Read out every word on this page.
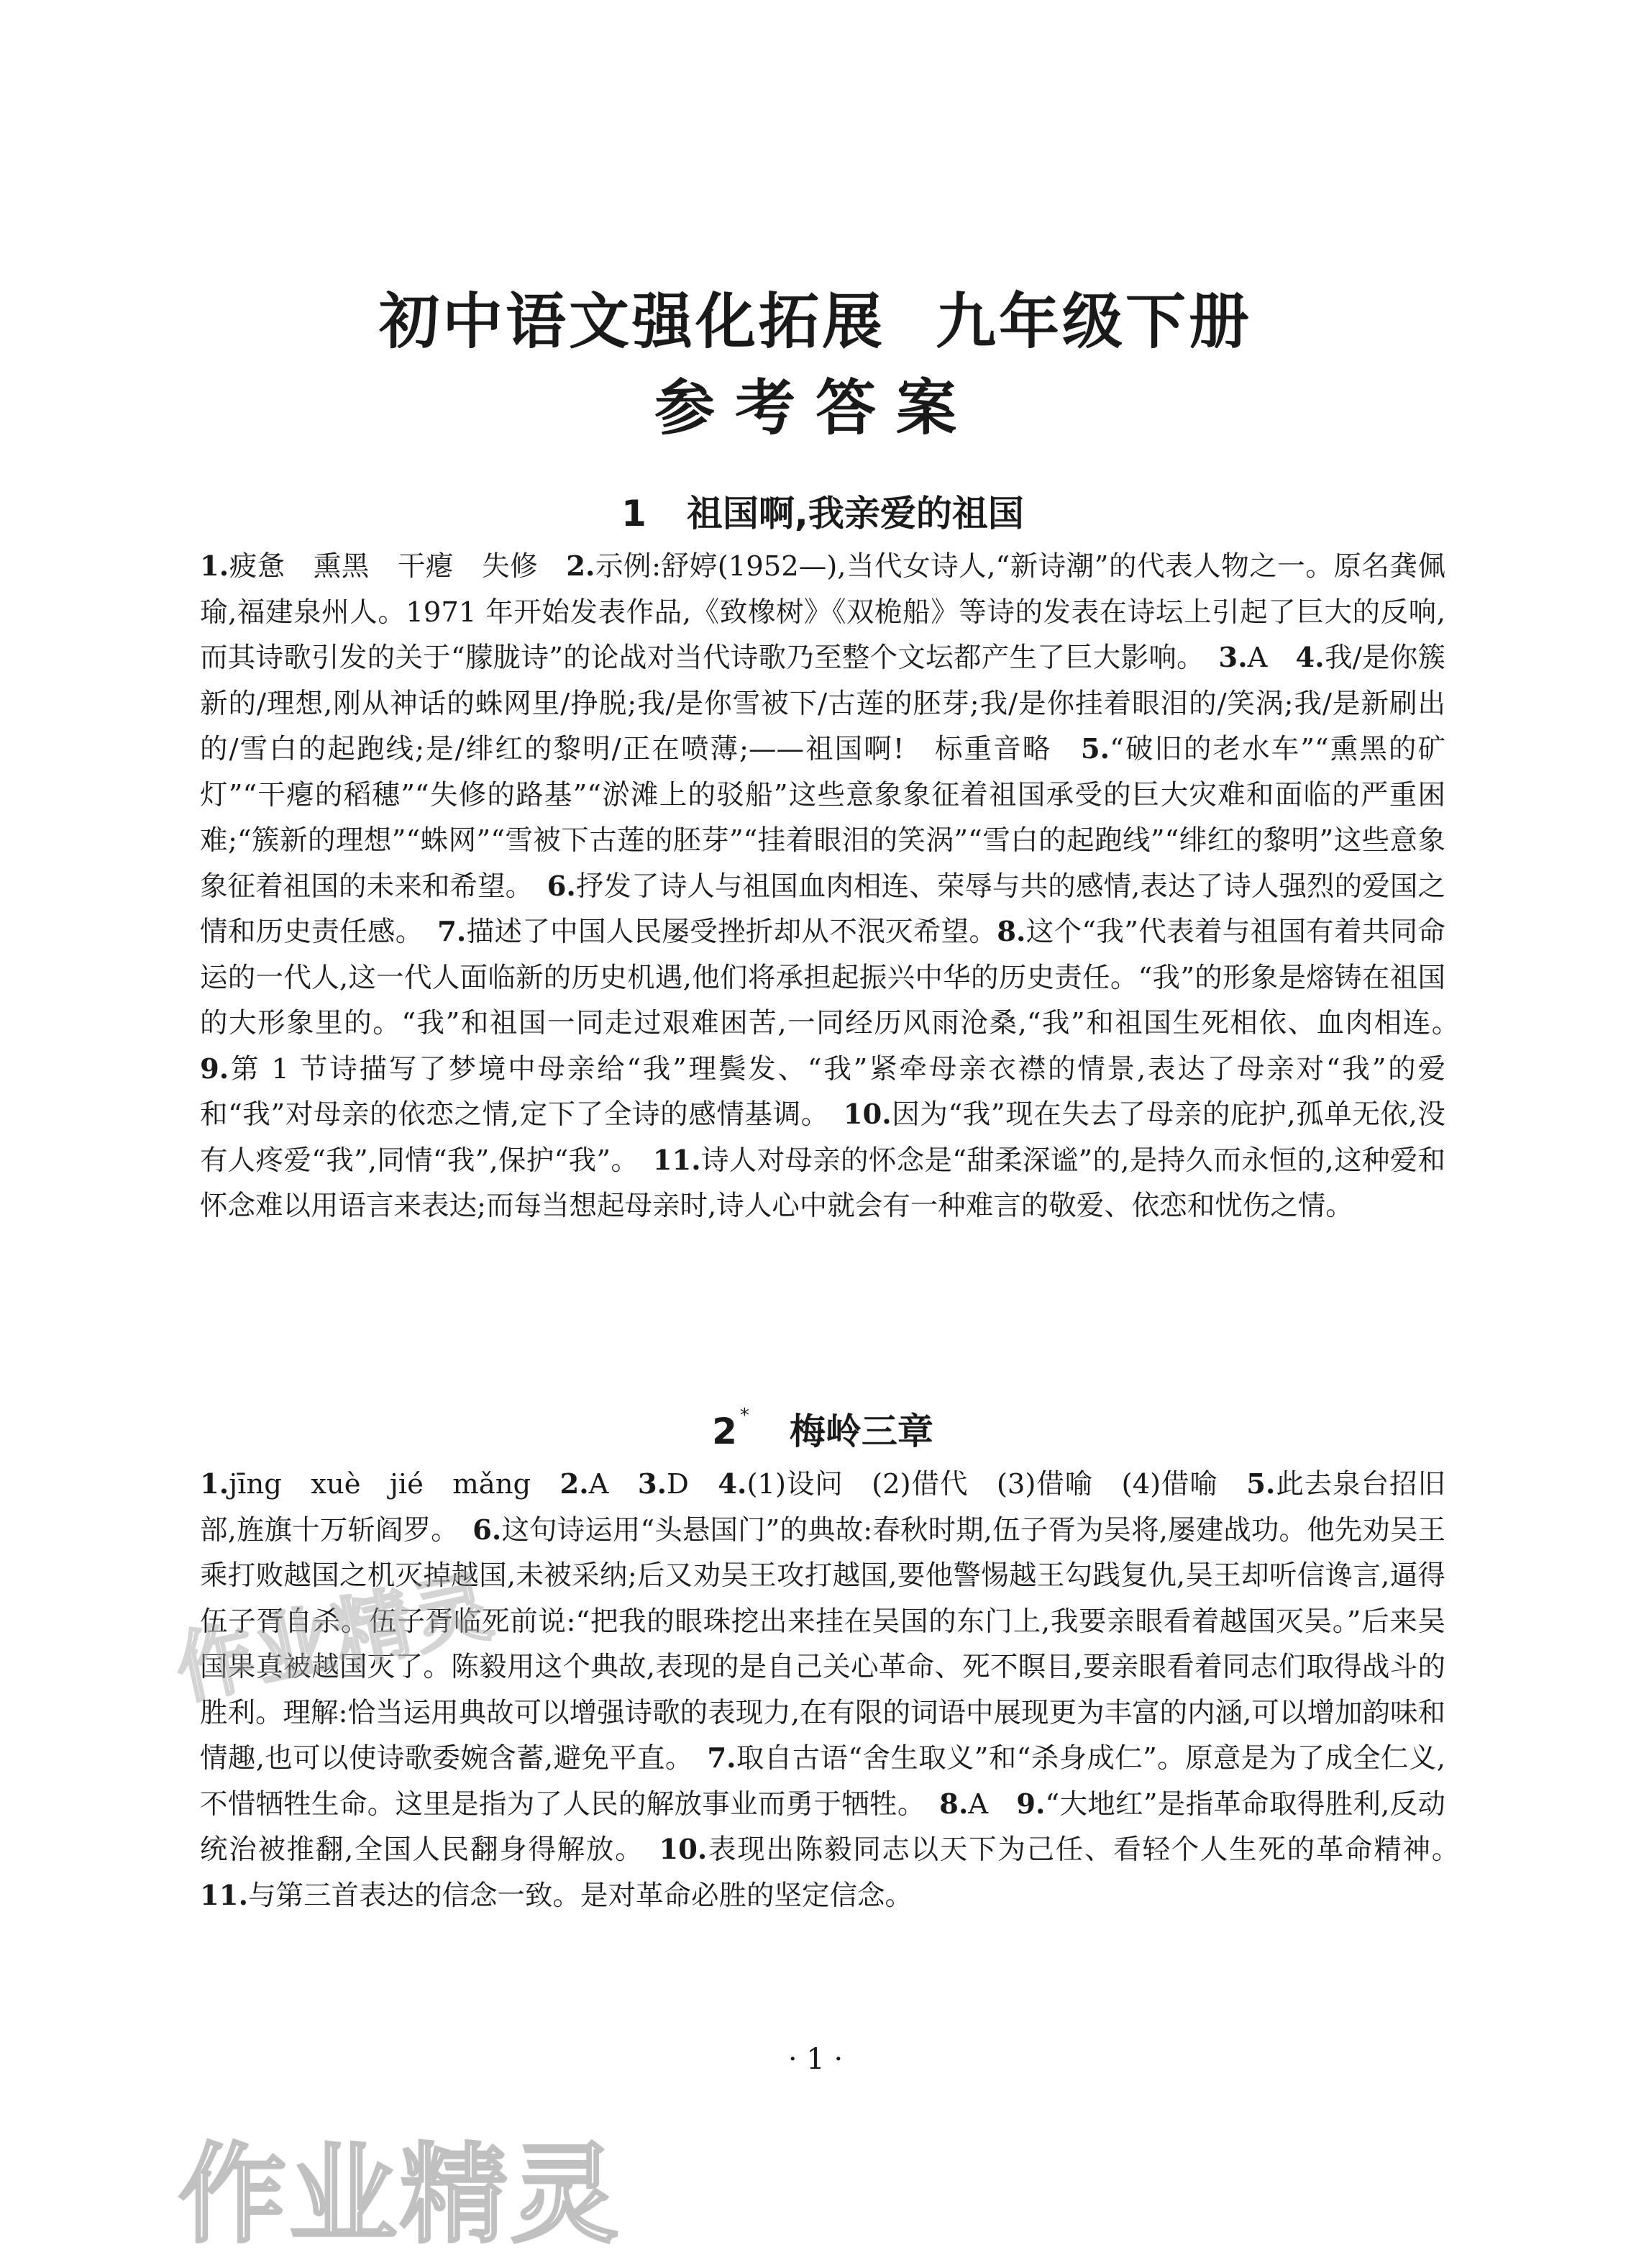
初中语文强化拓展 九年级下册
参考答案
1 祖国啊,我亲爱的祖国

1.疲惫　熏黑　干瘪　失修　2.示例:舒婷(1952—),当代女诗人,“新诗潮”的代表人物之一。原名龚佩瑜,福建泉州人。1971 年开始发表作品,《致橡树》《双桅船》等诗的发表在诗坛上引起了巨大的反响,而其诗歌引发的关于“朦胧诗”的论战对当代诗歌乃至整个文坛都产生了巨大影响。　3.A　4.我/是你簇新的/理想,刚从神话的蛛网里/挣脱;我/是你雪被下/古莲的胚芽;我/是你挂着眼泪的/笑涡;我/是新刷出的/雪白的起跑线;是/绯红的黎明/正在喷薄;——祖国啊!　标重音略　5.“破旧的老水车”“熏黑的矿灯”“干瘪的稻穗”“失修的路基”“淤滩上的驳船”这些意象象征着祖国承受的巨大灾难和面临的严重困难;“簇新的理想”“蛛网”“雪被下古莲的胚芽”“挂着眼泪的笑涡”“雪白的起跑线”“绯红的黎明”这些意象象征着祖国的未来和希望。　6.抒发了诗人与祖国血肉相连、荣辱与共的感情,表达了诗人强烈的爱国之情和历史责任感。　7.描述了中国人民屡受挫折却从不泯灭希望。8.这个“我”代表着与祖国有着共同命运的一代人,这一代人面临新的历史机遇,他们将承担起振兴中华的历史责任。“我”的形象是熔铸在祖国的大形象里的。“我”和祖国一同走过艰难困苦,一同经历风雨沧桑,“我”和祖国生死相依、血肉相连。　9.第 1 节诗描写了梦境中母亲给“我”理鬓发、“我”紧牵母亲衣襟的情景,表达了母亲对“我”的爱和“我”对母亲的依恋之情,定下了全诗的感情基调。　10.因为“我”现在失去了母亲的庇护,孤单无依,没有人疼爱“我”,同情“我”,保护“我”。　11.诗人对母亲的怀念是“甜柔深谧”的,是持久而永恒的,这种爱和怀念难以用语言来表达;而每当想起母亲时,诗人心中就会有一种难言的敬爱、依恋和忧伤之情。

2 * 梅岭三章

1.jīng　xuè　jié　mǎng　2.A　3.D　4.(1)设问　(2)借代　(3)借喻　(4)借喻　5.此去泉台招旧部,旌旗十万斩阎罗。　6.这句诗运用“头悬国门”的典故:春秋时期,伍子胥为吴将,屡建战功。他先劝吴王乘打败越国之机灭掉越国,未被采纳;后又劝吴王攻打越国,要他警惕越王勾践复仇,吴王却听信谗言,逼得伍子胥自杀。伍子胥临死前说:“把我的眼珠挖出来挂在吴国的东门上,我要亲眼看着越国灭吴。”后来吴国果真被越国灭了。陈毅用这个典故,表现的是自己关心革命、死不瞑目,要亲眼看着同志们取得战斗的胜利。理解:恰当运用典故可以增强诗歌的表现力,在有限的词语中展现更为丰富的内涵,可以增加韵味和情趣,也可以使诗歌委婉含蓄,避免平直。　7.取自古语“舍生取义”和“杀身成仁”。原意是为了成全仁义,不惜牺牲生命。这里是指为了人民的解放事业而勇于牺牲。　8.A　9.“大地红”是指革命取得胜利,反动统治被推翻,全国人民翻身得解放。　10.表现出陈毅同志以天下为己任、看轻个人生死的革命精神。　11.与第三首表达的信念一致。是对革命必胜的坚定信念。

· 1 ·
作业精灵
作业精灵
